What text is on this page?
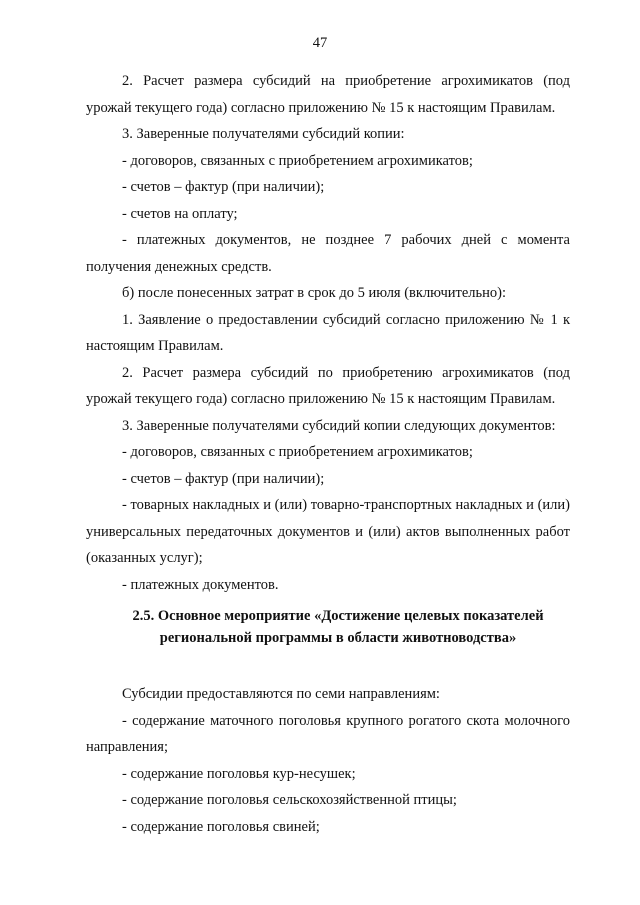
47

2. Расчет размера субсидий на приобретение агрохимикатов (под урожай текущего года) согласно приложению № 15 к настоящим Правилам.

3. Заверенные получателями субсидий копии:

- договоров, связанных с приобретением агрохимикатов;

- счетов – фактур (при наличии);

- счетов на оплату;

- платежных документов, не позднее 7 рабочих дней с момента получения денежных средств.

б) после понесенных затрат в срок до 5 июля (включительно):

1. Заявление о предоставлении субсидий согласно приложению № 1 к настоящим Правилам.

2. Расчет размера субсидий по приобретению агрохимикатов (под урожай текущего года) согласно приложению № 15 к настоящим Правилам.

3. Заверенные получателями субсидий копии следующих документов:

- договоров, связанных с приобретением агрохимикатов;

- счетов – фактур (при наличии);

- товарных накладных и (или) товарно-транспортных накладных и (или) универсальных передаточных документов и (или) актов выполненных работ (оказанных услуг);

- платежных документов.

2.5. Основное мероприятие «Достижение целевых показателей
региональной программы в области животноводства»

Субсидии предоставляются по семи направлениям:

- содержание маточного поголовья крупного рогатого скота молочного направления;

- содержание поголовья кур-несушек;

- содержание поголовья сельскохозяйственной птицы;

- содержание поголовья свиней;
